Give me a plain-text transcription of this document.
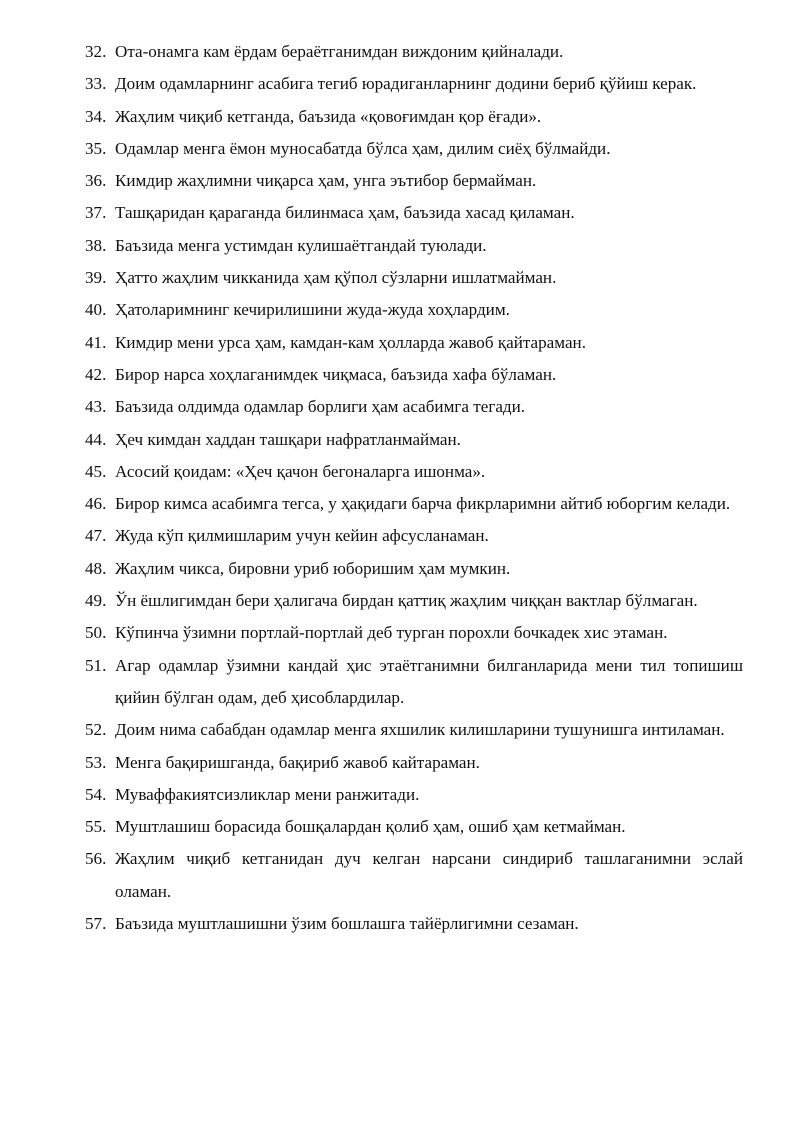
32. Ота-онамга кам ёрдам бераётганимдан виждоним қийналади.
33. Доим одамларнинг асабига тегиб юрадиганларнинг додини бериб қўйиш керак.
34. Жаҳлим чиқиб кетганда, баъзида «қовоғимдан қор ёғади».
35. Одамлар менга ёмон муносабатда бўлса ҳам, дилим сиёҳ бўлмайди.
36. Кимдир жаҳлимни чиқарса ҳам, унга эътибор бермайман.
37. Ташқаридан қараганда билинмаса ҳам, баъзида хасад қиламан.
38. Баъзида менга устимдан кулишаётгандай туюлади.
39. Ҳатто жаҳлим чикканида ҳам қўпол сўзларни ишлатмайман.
40. Ҳатоларимнинг кечирилишини жуда-жуда хоҳлардим.
41. Кимдир мени урса ҳам, камдан-кам ҳолларда жавоб қайтараман.
42. Бирор нарса хоҳлаганимдек чиқмаса, баъзида хафа бўламан.
43. Баъзида олдимда одамлар борлиги ҳам асабимга тегади.
44. Ҳеч кимдан хаддан ташқари нафратланмайман.
45. Асосий қоидам: «Ҳеч қачон бегоналарга ишонма».
46. Бирор кимса асабимга тегса, у ҳақидаги барча фикрларимни айтиб юборгим келади.
47. Жуда кўп қилмишларим учун кейин афсусланаман.
48. Жаҳлим чикса, бировни уриб юборишим ҳам мумкин.
49. Ўн ёшлигимдан бери ҳалигача бирдан қаттиқ жаҳлим чиққан вактлар бўлмаган.
50. Кўпинча ўзимни портлай-портлай деб турган порохли бочкадек хис этаман.
51. Агар одамлар ўзимни кандай ҳис этаётганимни билганларида мени тил топишиш қийин бўлган одам, деб ҳисоблардилар.
52. Доим нима сабабдан одамлар менга яхшилик килишларини тушунишга интиламан.
53. Менга бақиришганда, бақириб жавоб кайтараман.
54. Муваффакиятсизликлар мени ранжитади.
55. Муштлашиш борасида бошқалардан қолиб ҳам, ошиб ҳам кетмайман.
56. Жаҳлим чиқиб кетганидан дуч келган нарсани синдириб ташлаганимни эслай оламан.
57. Баъзида муштлашишни ўзим бошлашга тайёрлигимни сезаман.
